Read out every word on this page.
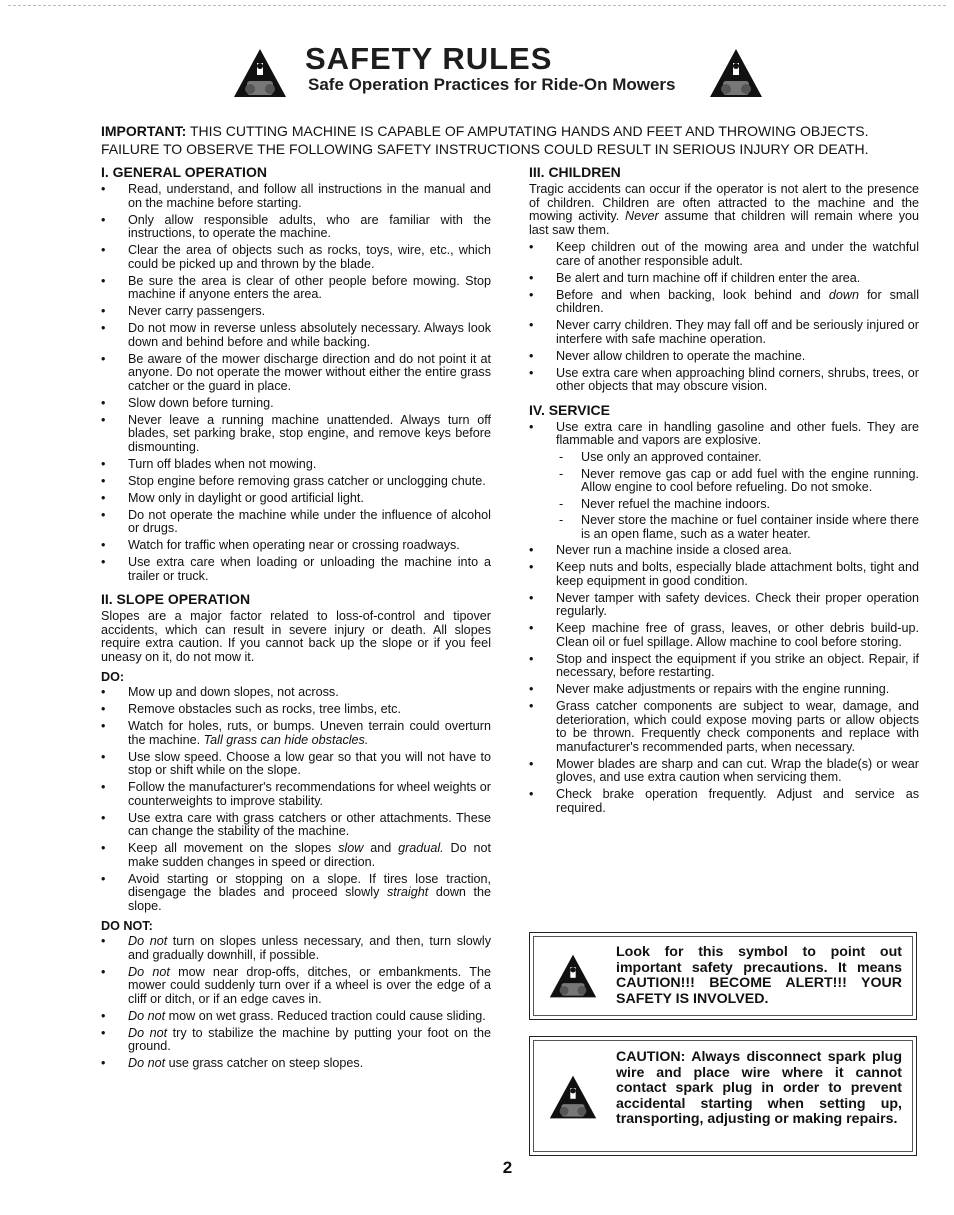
SAFETY RULES
Safe Operation Practices for Ride-On Mowers

IMPORTANT: THIS CUTTING MACHINE IS CAPABLE OF AMPUTATING HANDS AND FEET AND THROWING OBJECTS. FAILURE TO OBSERVE THE FOLLOWING SAFETY INSTRUCTIONS COULD RESULT IN SERIOUS INJURY OR DEATH.

I. GENERAL OPERATION
• Read, understand, and follow all instructions in the manual and on the machine before starting.
• Only allow responsible adults, who are familiar with the instructions, to operate the machine.
• Clear the area of objects such as rocks, toys, wire, etc., which could be picked up and thrown by the blade.
• Be sure the area is clear of other people before mowing. Stop machine if anyone enters the area.
• Never carry passengers.
• Do not mow in reverse unless absolutely necessary. Always look down and behind before and while backing.
• Be aware of the mower discharge direction and do not point it at anyone. Do not operate the mower without either the entire grass catcher or the guard in place.
• Slow down before turning.
• Never leave a running machine unattended. Always turn off blades, set parking brake, stop engine, and remove keys before dismounting.
• Turn off blades when not mowing.
• Stop engine before removing grass catcher or unclogging chute.
• Mow only in daylight or good artificial light.
• Do not operate the machine while under the influence of alcohol or drugs.
• Watch for traffic when operating near or crossing roadways.
• Use extra care when loading or unloading the machine into a trailer or truck.
II. SLOPE OPERATION

Slopes are a major factor related to loss-of-control and tipover accidents, which can result in severe injury or death. All slopes require extra caution. If you cannot back up the slope or if you feel uneasy on it, do not mow it.

DO:
• Mow up and down slopes, not across.
• Remove obstacles such as rocks, tree limbs, etc.
• Watch for holes, ruts, or bumps. Uneven terrain could overturn the machine. Tall grass can hide obstacles.
• Use slow speed. Choose a low gear so that you will not have to stop or shift while on the slope.
• Follow the manufacturer's recommendations for wheel weights or counterweights to improve stability.
• Use extra care with grass catchers or other attachments. These can change the stability of the machine.
• Keep all movement on the slopes slow and gradual. Do not make sudden changes in speed or direction.
• Avoid starting or stopping on a slope. If tires lose traction, disengage the blades and proceed slowly straight down the slope.
DO NOT:
• Do not turn on slopes unless necessary, and then, turn slowly and gradually downhill, if possible.
• Do not mow near drop-offs, ditches, or embankments. The mower could suddenly turn over if a wheel is over the edge of a cliff or ditch, or if an edge caves in.
• Do not mow on wet grass. Reduced traction could cause sliding.
• Do not try to stabilize the machine by putting your foot on the ground.
• Do not use grass catcher on steep slopes.
III. CHILDREN

Tragic accidents can occur if the operator is not alert to the presence of children. Children are often attracted to the machine and the mowing activity. Never assume that children will remain where you last saw them.

• Keep children out of the mowing area and under the watchful care of another responsible adult.
• Be alert and turn machine off if children enter the area.
• Before and when backing, look behind and down for small children.
• Never carry children. They may fall off and be seriously injured or interfere with safe machine operation.
• Never allow children to operate the machine.
• Use extra care when approaching blind corners, shrubs, trees, or other objects that may obscure vision.
IV. SERVICE
• Use extra care in handling gasoline and other fuels. They are flammable and vapors are explosive.
- Use only an approved container.
- Never remove gas cap or add fuel with the engine running. Allow engine to cool before refueling. Do not smoke.
- Never refuel the machine indoors.
- Never store the machine or fuel container inside where there is an open flame, such as a water heater.
• Never run a machine inside a closed area.
• Keep nuts and bolts, especially blade attachment bolts, tight and keep equipment in good condition.
• Never tamper with safety devices. Check their proper operation regularly.
• Keep machine free of grass, leaves, or other debris build-up. Clean oil or fuel spillage. Allow machine to cool before storing.
• Stop and inspect the equipment if you strike an object. Repair, if necessary, before restarting.
• Never make adjustments or repairs with the engine running.
• Grass catcher components are subject to wear, damage, and deterioration, which could expose moving parts or allow objects to be thrown. Frequently check components and replace with manufacturer's recommended parts, when necessary.
• Mower blades are sharp and can cut. Wrap the blade(s) or wear gloves, and use extra caution when servicing them.
• Check brake operation frequently. Adjust and service as required.
Look for this symbol to point out important safety precautions. It means CAUTION!!! BECOME ALERT!!! YOUR SAFETY IS INVOLVED.
CAUTION: Always disconnect spark plug wire and place wire where it cannot contact spark plug in order to prevent accidental starting when setting up, transporting, adjusting or making repairs.
2
